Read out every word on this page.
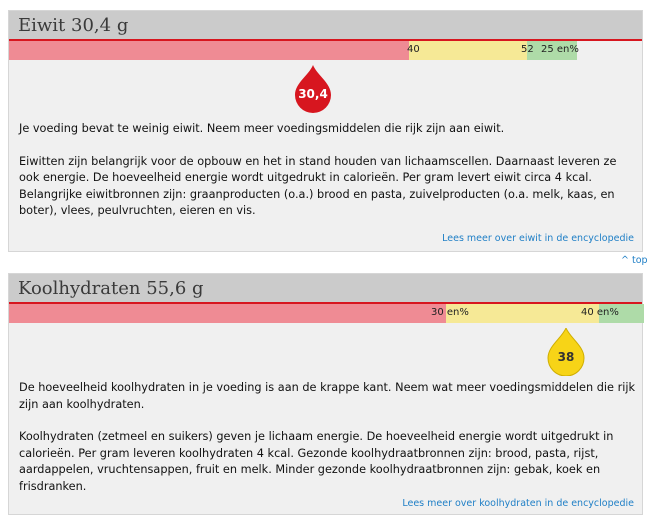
Eiwit 30,4 g
40	52 25 en%
30,4

Je voeding bevat te weinig eiwit. Neem meer voedingsmiddelen die rijk zijn aan eiwit.

Eiwitten zijn belangrijk voor de opbouw en het in stand houden van lichaamscellen. Daarnaast leveren ze ook energie. De hoeveelheid energie wordt uitgedrukt in calorieën. Per gram levert eiwit circa 4 kcal. Belangrijke eiwitbronnen zijn: graanproducten (o.a.) brood en pasta, zuivelproducten (o.a. melk, kaas, en boter), vlees, peulvruchten, eieren en vis.

Lees meer over eiwit in de encyclopedie
^ top
Koolhydraten 55,6 g
30 en%	40 en%
38

De hoeveelheid koolhydraten in je voeding is aan de krappe kant. Neem wat meer voedingsmiddelen die rijk zijn aan koolhydraten.

Koolhydraten (zetmeel en suikers) geven je lichaam energie. De hoeveelheid energie wordt uitgedrukt in calorieën. Per gram leveren koolhydraten 4 kcal. Gezonde koolhydraatbronnen zijn: brood, pasta, rijst, aardappelen, vruchtensappen, fruit en melk. Minder gezonde koolhydraatbronnen zijn: gebak, koek en frisdranken.

Lees meer over koolhydraten in de encyclopedie
